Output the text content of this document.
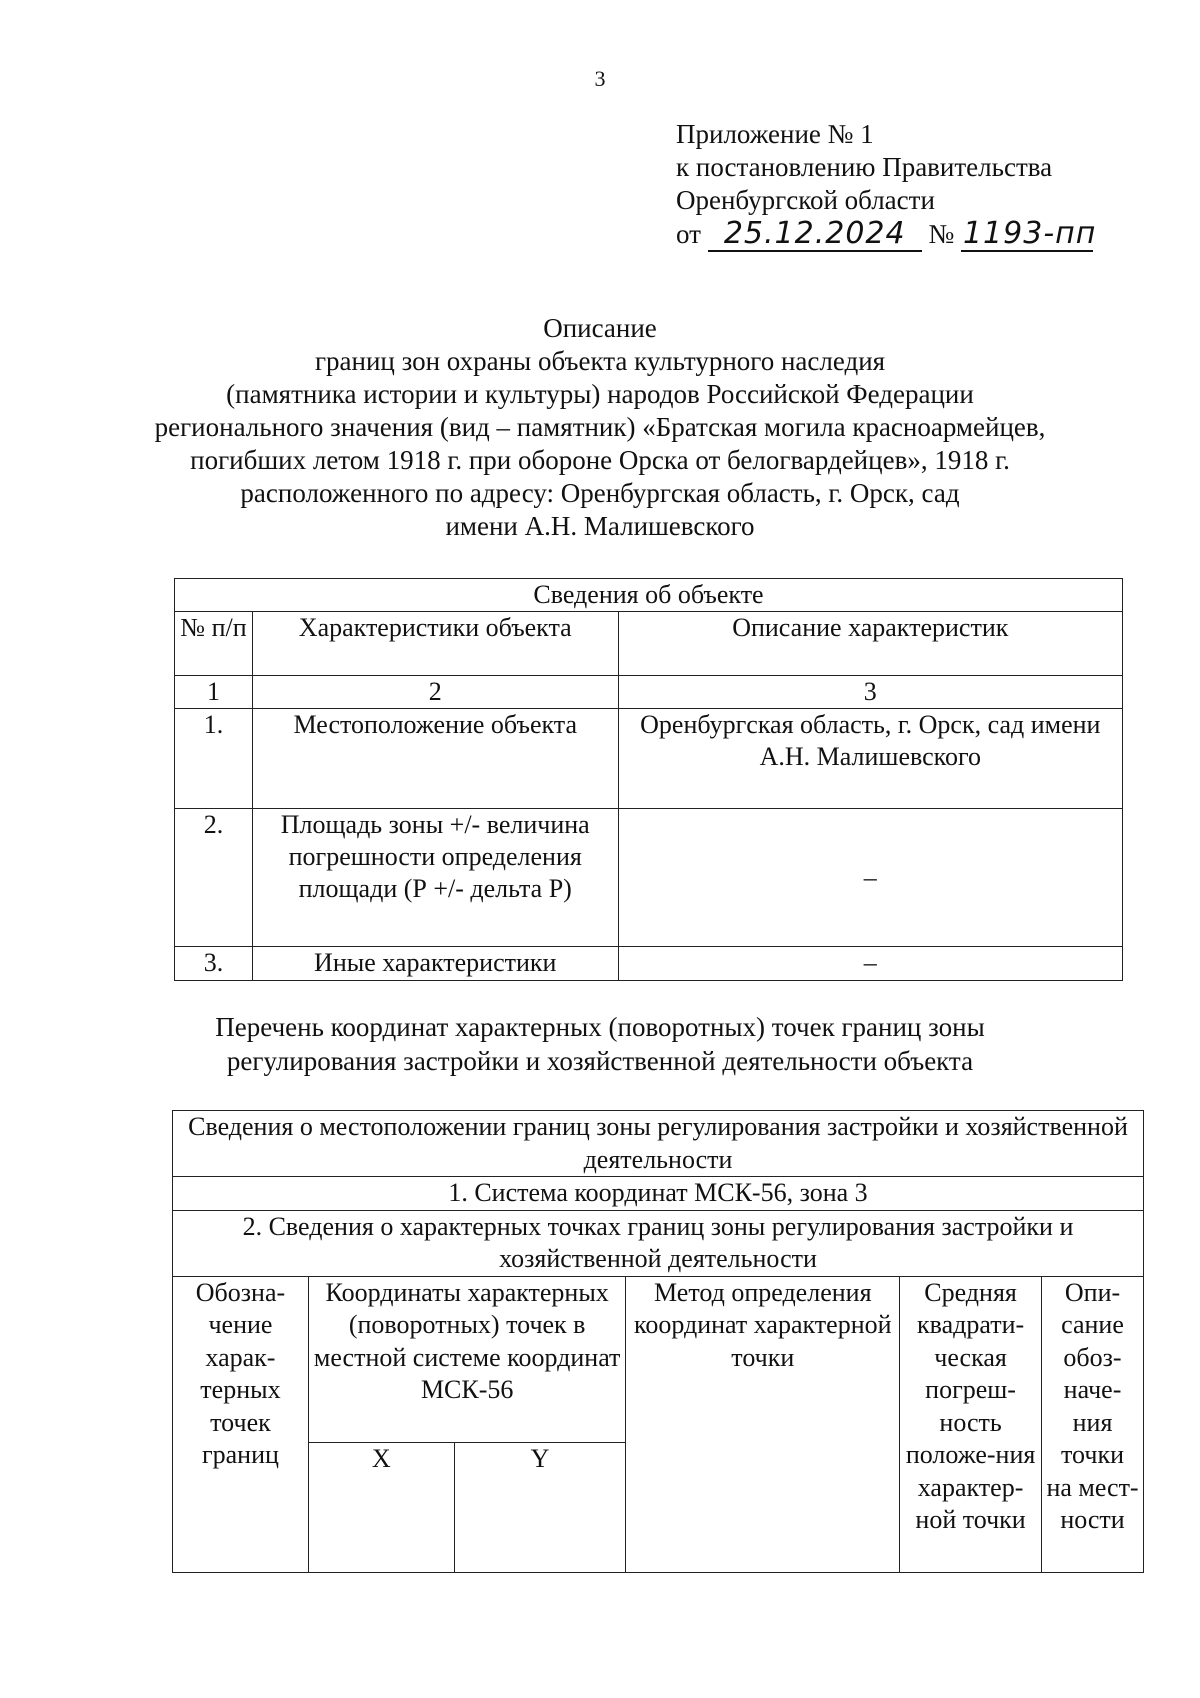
3
Приложение № 1
к постановлению Правительства
Оренбургской области
от 25.12.2024 № 1193-пп
Описание
границ зон охраны объекта культурного наследия
(памятника истории и культуры) народов Российской Федерации
регионального значения (вид – памятник) «Братская могила красноармейцев,
погибших летом 1918 г. при обороне Орска от белогвардейцев», 1918 г.
расположенного по адресу: Оренбургская область, г. Орск, сад
имени А.Н. Малишевского
Сведения об объекте		
№ п/п	Характеристики объекта	Описание характеристик
1	2	3
1.	Местоположение объекта	Оренбургская область, г. Орск, сад имени А.Н. Малишевского
2.	Площадь зоны +/- величина погрешности определения площади (Р +/- дельта Р)	–
3.	Иные характеристики	–
Перечень координат характерных (поворотных) точек границ зоны
регулирования застройки и хозяйственной деятельности объекта
Сведения о местоположении границ зоны регулирования застройки и хозяйственной деятельности					
1. Система координат МСК-56, зона 3					
2. Сведения о характерных точках границ зоны регулирования застройки и хозяйственной деятельности					
Обозна-чение харак-терных точек границ	Координаты характерных (поворотных) точек в местной системе координат МСК-56		Метод определения координат характерной точки	Средняя квадрати-ческая погреш-ность положе-ния характер-ной точки	Опи-сание обоз-наче-ния точки на мест-ности
	X	Y			
